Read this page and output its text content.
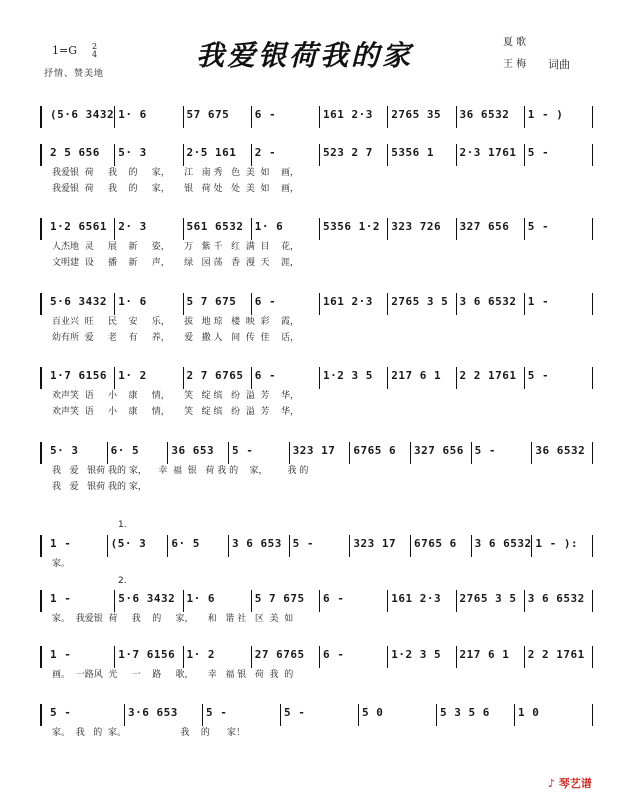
1=G 2
4
抒情、赞美地
我爱银荷我的家	夏 歌
王 梅 词曲
1.
2.
(5·6 3432 1· 6	57 675 6 -	161 2·3 2765 35 36 6532 1 - )
2 5 656 5· 3	2·5 161 2 -	523 2 7 5356 1 2·3 1761 5 -
我爱银  荷     我    的     家，     江   南 秀   色  美  如    画，
我爱银  荷     我    的     家，     银   荷 处   处  美  如    画，
1·2 6561 2· 3	561 6532 1· 6	5356 1·2 323 726 327 656 5 -
人杰地  灵     展    新     姿，     万   紫 千   红  满  目    花，
文明建  设     播    新     声，     绿   园 荡   香  漫  天    涯，
5·6 3432 1· 6	5 7 675 6 -	161 2·3 2765 3 5 3 6 6532 1 -
百业兴  旺     民    安     乐，     拔   地 琼   楼  映  彩    霞，
幼有所  爱     老    有     养，     爱   撒 人   间  传  佳    话，
1·7 6156 1· 2	2 7 6765 6 -	1·2 3 5 217 6 1 2 2 1761 5 -
欢声笑  语     小    康     情，     笑   绽 缤   纷  溢  芳    华，
欢声笑  语     小    康     情，     笑   绽 缤   纷  溢  芳    华，
5· 3	6· 5	36 653 5 -	323 17 6765 6 327 656 5 -	36 6532
我   爱   银荷 我的 家，    幸  福  银   荷 我 的    家，       我 的
我   爱   银荷 我的 家，
1 -	(5· 3 6· 5	3 6 653 5 -	323 17 6765 6 3 6 6532 1 - ):
家。
1 -	5·6 3432 1· 6	5 7 675 6 -	161 2·3 2765 3 5 3 6 6532
家。  我爱银  荷     我    的     家，     和   谐 社   区  美  如
1 -	1·7 6156 1· 2	27 6765 6 -	1·2 3 5 217 6 1 2 2 1761
画。  一路风  光     一    路     歌，     幸   福 银   荷  我  的
5 -	3·6 653	5 -	5 -	5 0	5 3 5 6	1 0
家。  我   的  家。                   我    的      家！
♪ 琴艺谱
